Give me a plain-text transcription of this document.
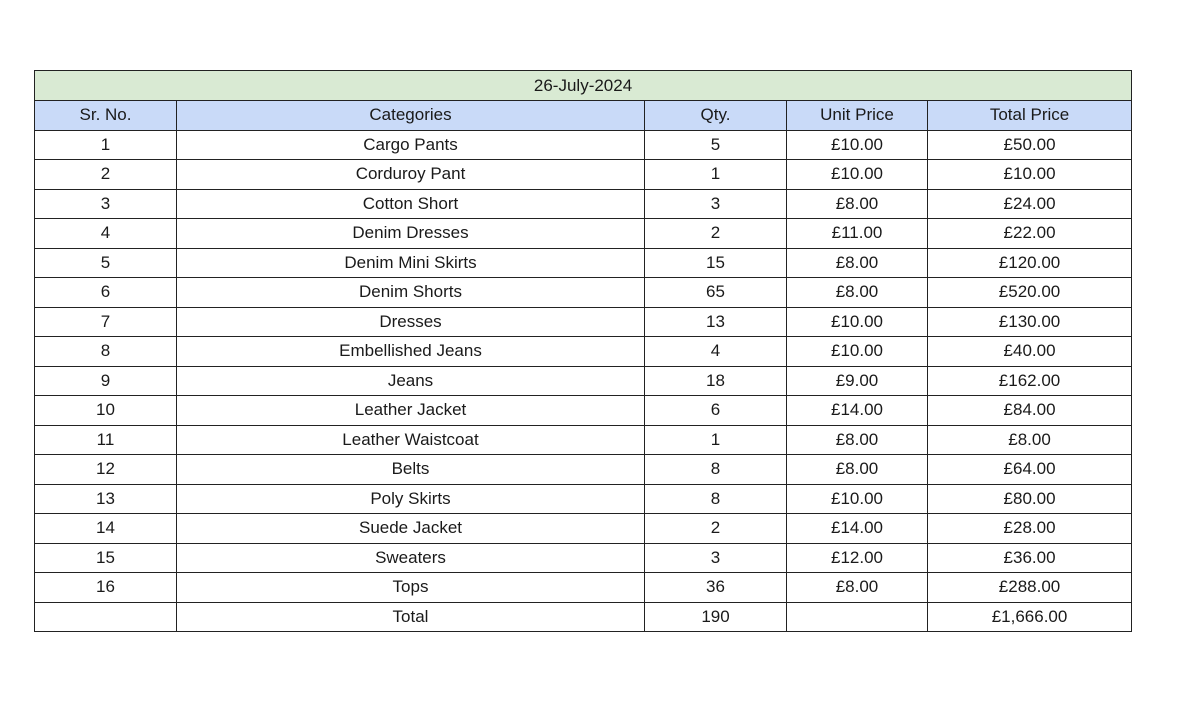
26-July-2024				
Sr. No.	Categories	Qty.	Unit Price	Total Price
1	Cargo Pants	5	£10.00	£50.00
2	Corduroy Pant	1	£10.00	£10.00
3	Cotton Short	3	£8.00	£24.00
4	Denim Dresses	2	£11.00	£22.00
5	Denim Mini Skirts	15	£8.00	£120.00
6	Denim Shorts	65	£8.00	£520.00
7	Dresses	13	£10.00	£130.00
8	Embellished Jeans	4	£10.00	£40.00
9	Jeans	18	£9.00	£162.00
10	Leather Jacket	6	£14.00	£84.00
11	Leather Waistcoat	1	£8.00	£8.00
12	Belts	8	£8.00	£64.00
13	Poly Skirts	8	£10.00	£80.00
14	Suede Jacket	2	£14.00	£28.00
15	Sweaters	3	£12.00	£36.00
16	Tops	36	£8.00	£288.00
	Total	190		£1,666.00
